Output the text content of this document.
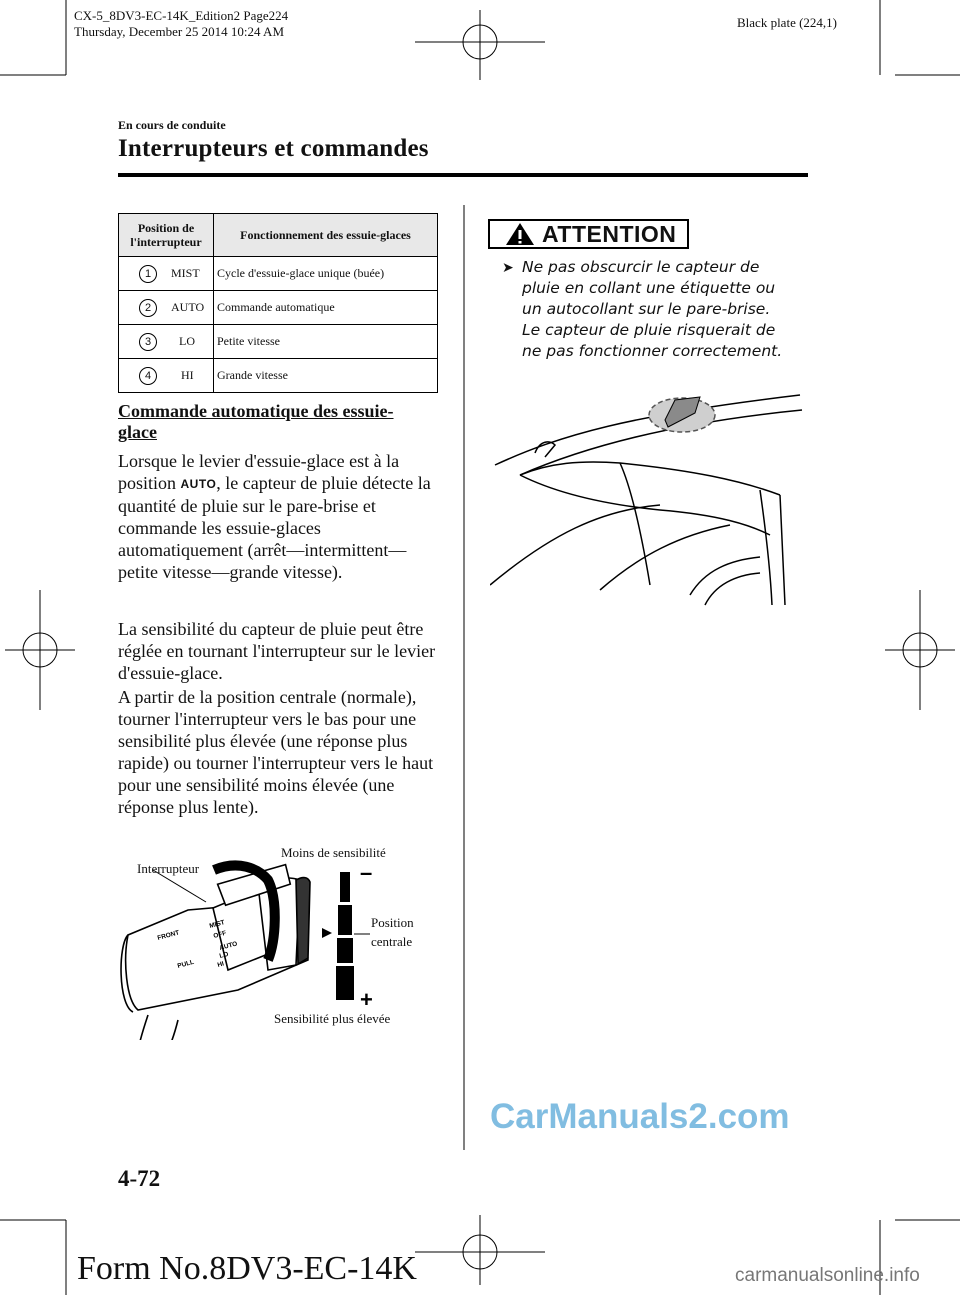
CX-5_8DV3-EC-14K_Edition2 Page224
Thursday, December 25 2014 10:24 AM
Black plate (224,1)
En cours de conduite
Interrupteurs et commandes
Position de l'interrupteur	Fonctionnement des essuie-glaces
1 MIST	Cycle d'essuie-glace unique (buée)
2 AUTO	Commande automatique
3 LO	Petite vitesse
4 HI	Grande vitesse
Commande automatique des essuie-glace
Lorsque le levier d'essuie-glace est à la position AUTO, le capteur de pluie détecte la quantité de pluie sur le pare-brise et commande les essuie-glaces automatiquement (arrêt—intermittent—petite vitesse—grande vitesse).
La sensibilité du capteur de pluie peut être réglée en tournant l'interrupteur sur le levier d'essuie-glace.
A partir de la position centrale (normale), tourner l'interrupteur vers le bas pour une sensibilité plus élevée (une réponse plus rapide) ou tourner l'interrupteur vers le haut pour une sensibilité moins élevée (une réponse plus lente).
FRONT
MIST
OFF
AUTO
LO
HI
PULL
–
+
Moins de sensibilité
Interrupteur
Position
centrale
Sensibilité plus élevée
ATTENTION
➤ Ne pas obscurcir le capteur de pluie en collant une étiquette ou un autocollant sur le pare-brise. Le capteur de pluie risquerait de ne pas fonctionner correctement.
4-72
CarManuals2.com
Form No.8DV3-EC-14K	carmanualsonline.info
